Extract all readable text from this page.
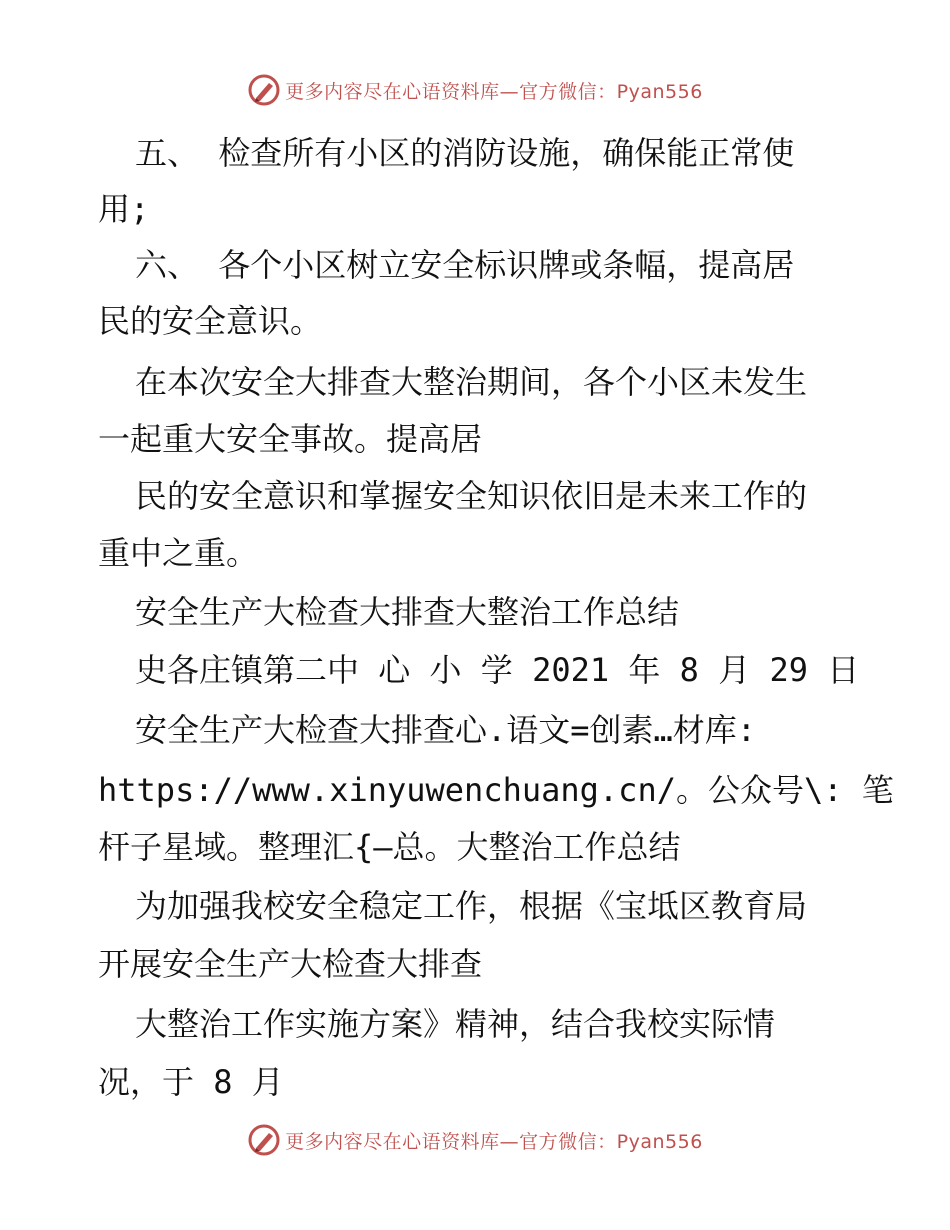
更多内容尽在心语资料库—官方微信：Pyan556
五、 检查所有小区的消防设施，确保能正常使
用;
六、 各个小区树立安全标识牌或条幅，提高居
民的安全意识。
在本次安全大排查大整治期间，各个小区未发生
一起重大安全事故。提高居
民的安全意识和掌握安全知识依旧是未来工作的
重中之重。
安全生产大检查大排查大整治工作总结
史各庄镇第二中 心 小 学 2021 年 8 月 29 日
安全生产大检查大排查心.语文=创素…材库:
https://www.xinyuwenchuang.cn/。公众号\: 笔
杆子星域。整理汇{—总。大整治工作总结
为加强我校安全稳定工作，根据《宝坻区教育局
开展安全生产大检查大排查
大整治工作实施方案》精神，结合我校实际情
况，于 8 月
更多内容尽在心语资料库—官方微信：Pyan556
